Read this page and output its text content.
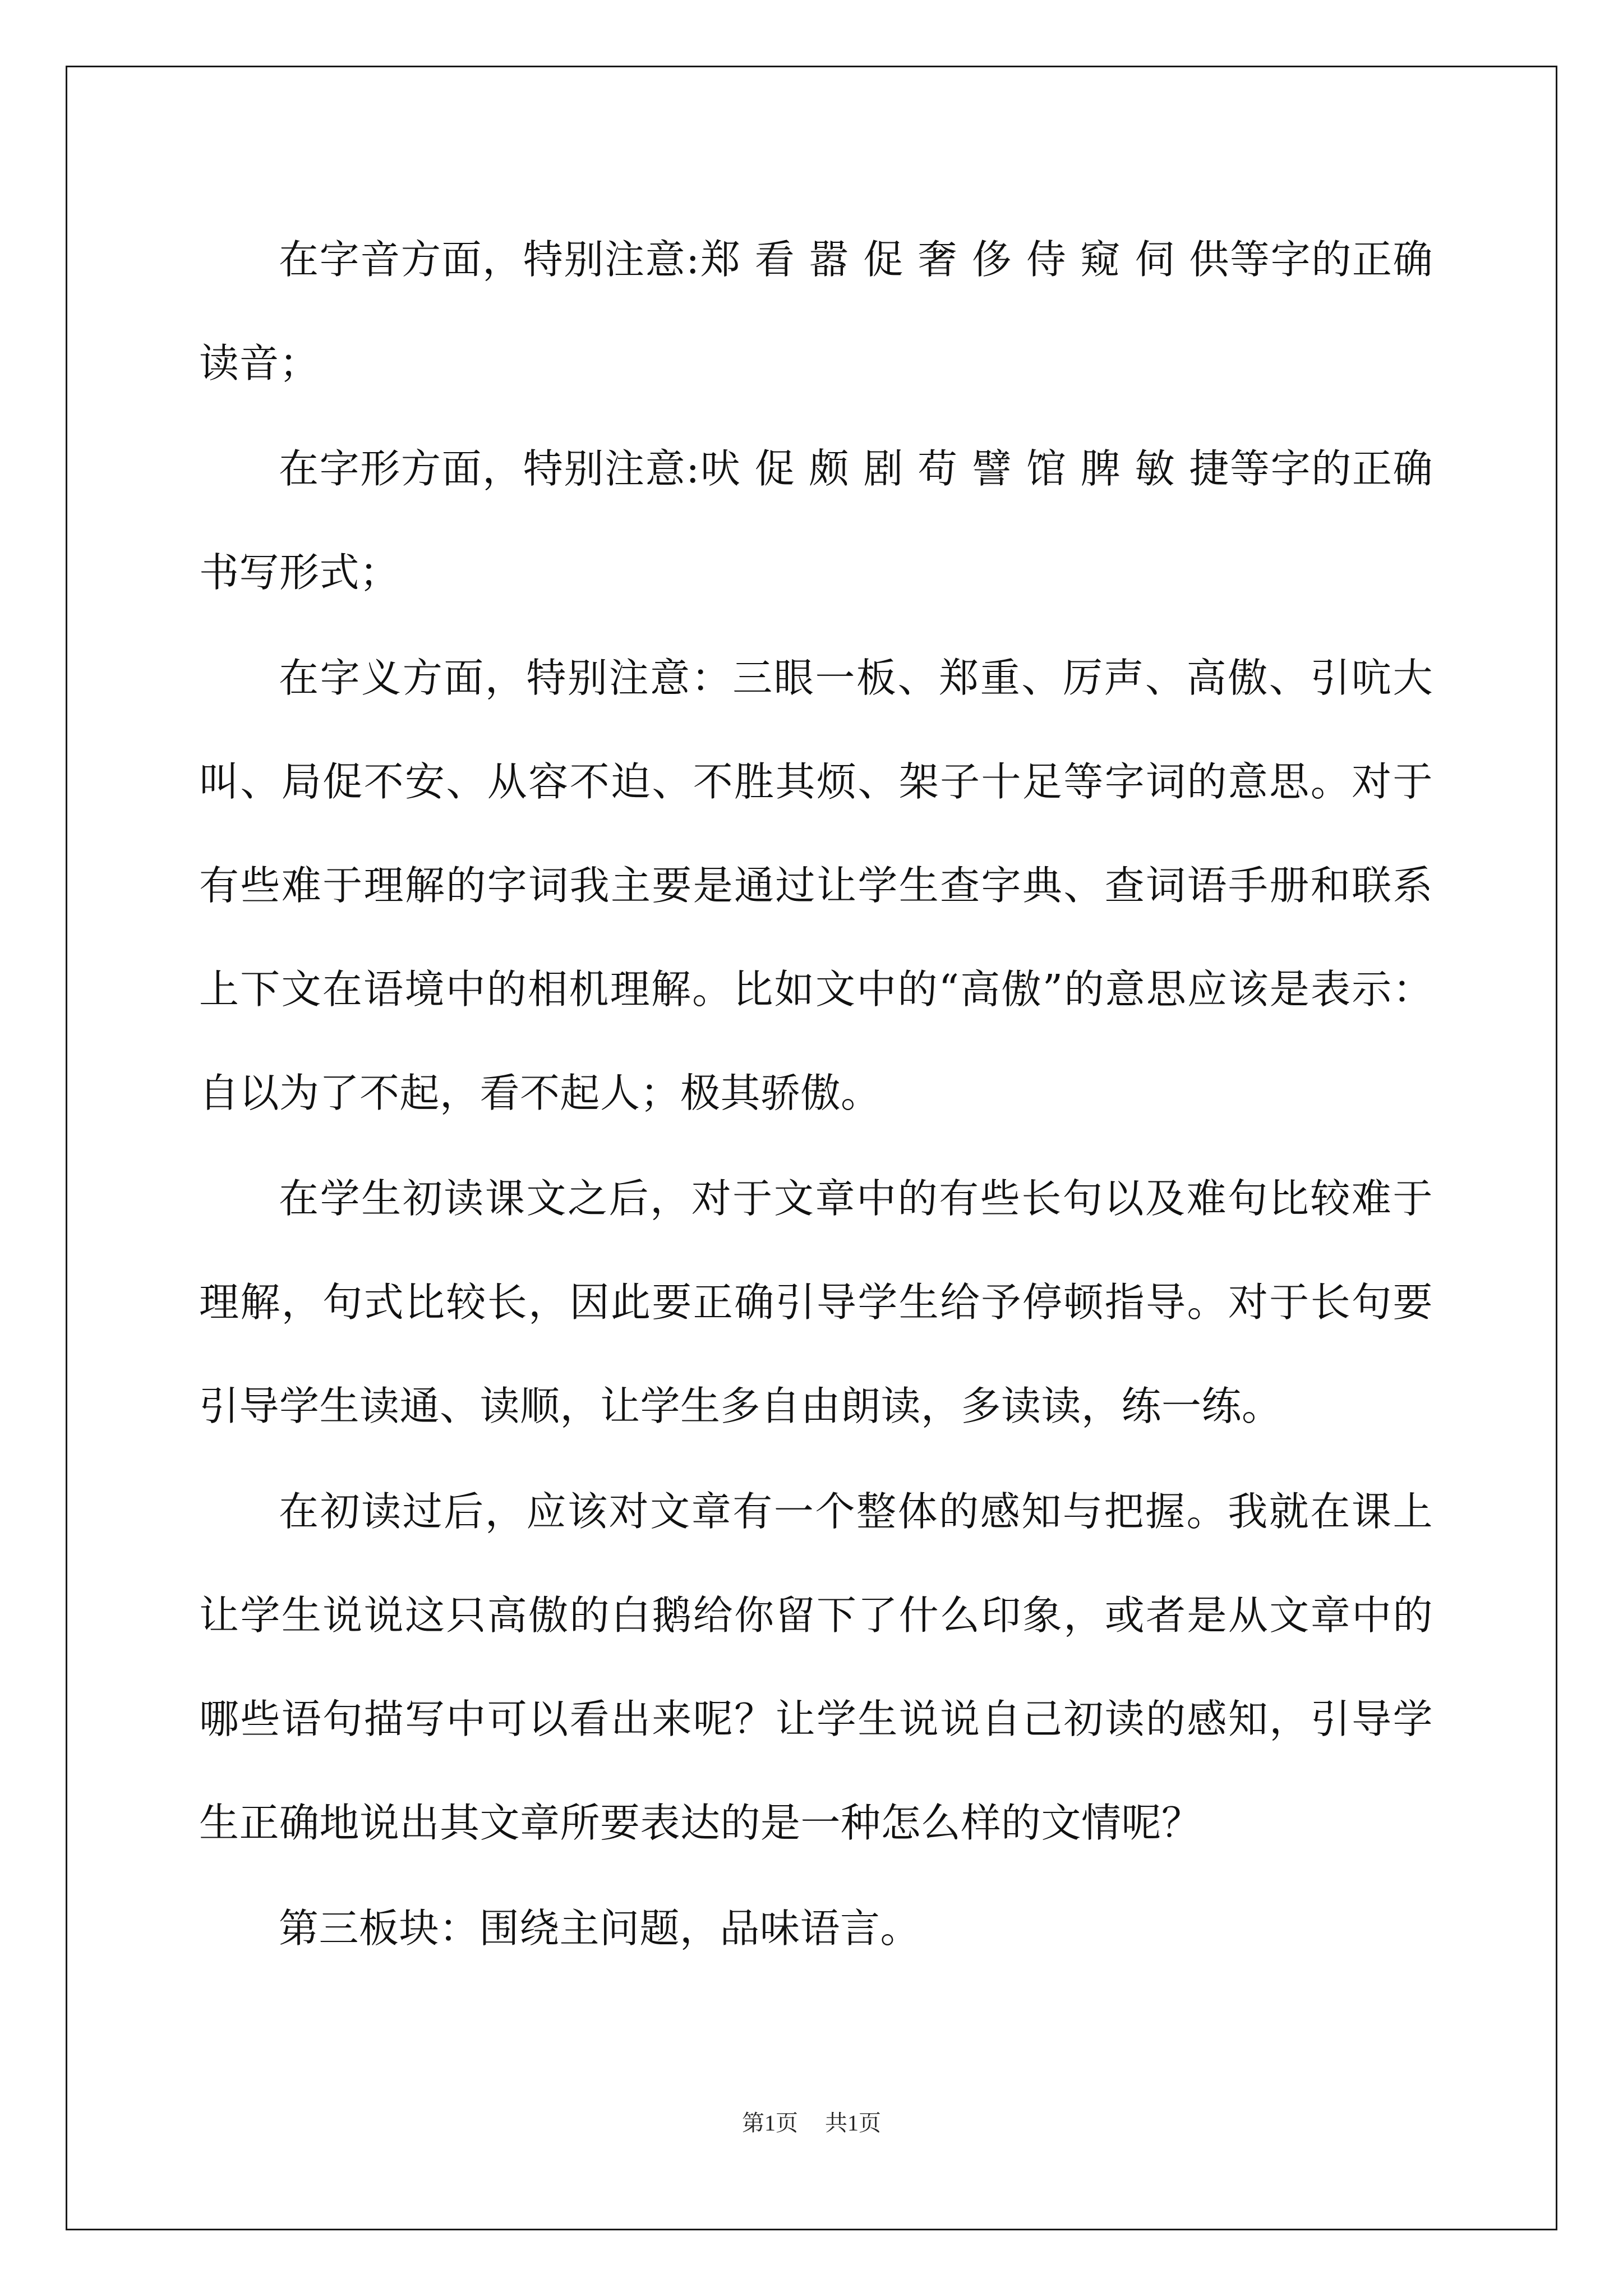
在字音方面，特别注意:郑 看 嚣 促 奢 侈 侍 窥 伺 供等字的正确读音；

在字形方面，特别注意:吠 促 颇 剧 苟 譬 馆 脾 敏 捷等字的正确书写形式；

在字义方面，特别注意：三眼一板、郑重、厉声、高傲、引吭大叫、局促不安、从容不迫、不胜其烦、架子十足等字词的意思。对于有些难于理解的字词我主要是通过让学生查字典、查词语手册和联系上下文在语境中的相机理解。比如文中的“高傲”的意思应该是表示：自以为了不起，看不起人；极其骄傲。

在学生初读课文之后，对于文章中的有些长句以及难句比较难于理解，句式比较长，因此要正确引导学生给予停顿指导。对于长句要引导学生读通、读顺，让学生多自由朗读，多读读，练一练。

在初读过后，应该对文章有一个整体的感知与把握。我就在课上让学生说说这只高傲的白鹅给你留下了什么印象，或者是从文章中的哪些语句描写中可以看出来呢？让学生说说自己初读的感知，引导学生正确地说出其文章所要表达的是一种怎么样的文情呢？

第三板块：围绕主问题，品味语言。

第1页 共1页
